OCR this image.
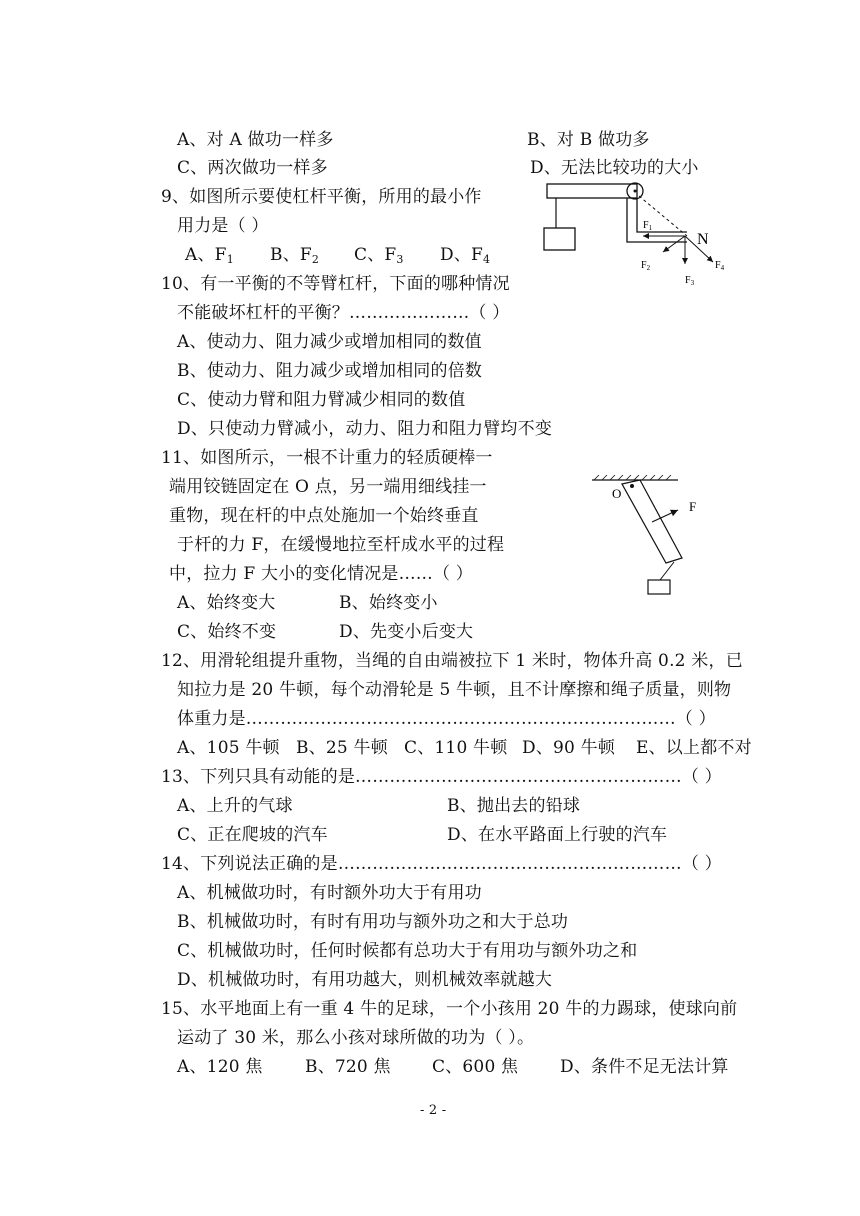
A、对 A 做功一样多	B、对 B 做功多
C、两次做功一样多	D、无法比较功的大小
9、如图所示要使杠杆平衡，所用的最小作
用力是（ ）
A、$F_1$ B、$F_2$ C、$F_3$ D、$F_4$
$F_1$
$F_2$
$F_3$
$F_4$
N
10、有一平衡的不等臂杠杆，下面的哪种情况
不能破坏杠杆的平衡？…………………（ ）
A、使动力、阻力减少或增加相同的数值
B、使动力、阻力减少或增加相同的倍数
C、使动力臂和阻力臂减少相同的数值
D、只使动力臂减小，动力、阻力和阻力臂均不变
11、如图所示，一根不计重力的轻质硬棒一
端用铰链固定在 O 点，另一端用细线挂一
重物，现在杆的中点处施加一个始终垂直
于杆的力 F，在缓慢地拉至杆成水平的过程
中，拉力 F 大小的变化情况是……（ ）
A、始终变大	B、始终变小
C、始终不变	D、先变小后变大
O
F
12、用滑轮组提升重物，当绳的自由端被拉下 1 米时，物体升高 0.2 米，已
知拉力是 20 牛顿，每个动滑轮是 5 牛顿，且不计摩擦和绳子质量，则物
体重力是…………………………………………………………………（ ）
A、105 牛顿 B、25 牛顿 C、110 牛顿 D、90 牛顿 E、以上都不对
13、下列只具有动能的是…………………………………………………（ ）
A、上升的气球	B、抛出去的铅球
C、正在爬坡的汽车	D、在水平路面上行驶的汽车
14、下列说法正确的是……………………………………………………（ ）
A、机械做功时，有时额外功大于有用功
B、机械做功时，有时有用功与额外功之和大于总功
C、机械做功时，任何时候都有总功大于有用功与额外功之和
D、机械做功时，有用功越大，则机械效率就越大
15、水平地面上有一重 4 牛的足球，一个小孩用 20 牛的力踢球，使球向前
运动了 30 米，那么小孩对球所做的功为（ ）。
A、120 焦 B、720 焦 C、600 焦 D、条件不足无法计算
- 2 -
